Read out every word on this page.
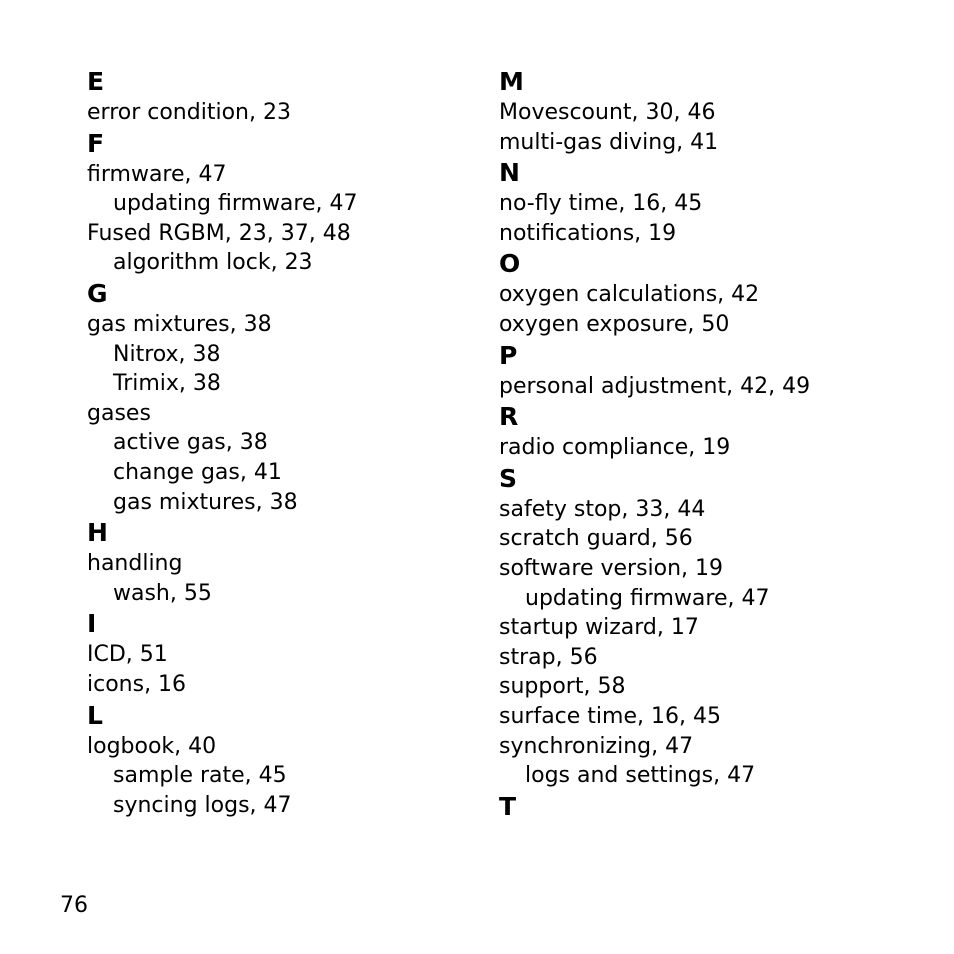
E
error condition, 23
F
firmware, 47
updating firmware, 47
Fused RGBM, 23, 37, 48
algorithm lock, 23
G
gas mixtures, 38
Nitrox, 38
Trimix, 38
gases
active gas, 38
change gas, 41
gas mixtures, 38
H
handling
wash, 55
I
ICD, 51
icons, 16
L
logbook, 40
sample rate, 45
syncing logs, 47
M
Movescount, 30, 46
multi-gas diving, 41
N
no-fly time, 16, 45
notifications, 19
O
oxygen calculations, 42
oxygen exposure, 50
P
personal adjustment, 42, 49
R
radio compliance, 19
S
safety stop, 33, 44
scratch guard, 56
software version, 19
updating firmware, 47
startup wizard, 17
strap, 56
support, 58
surface time, 16, 45
synchronizing, 47
logs and settings, 47
T
76
